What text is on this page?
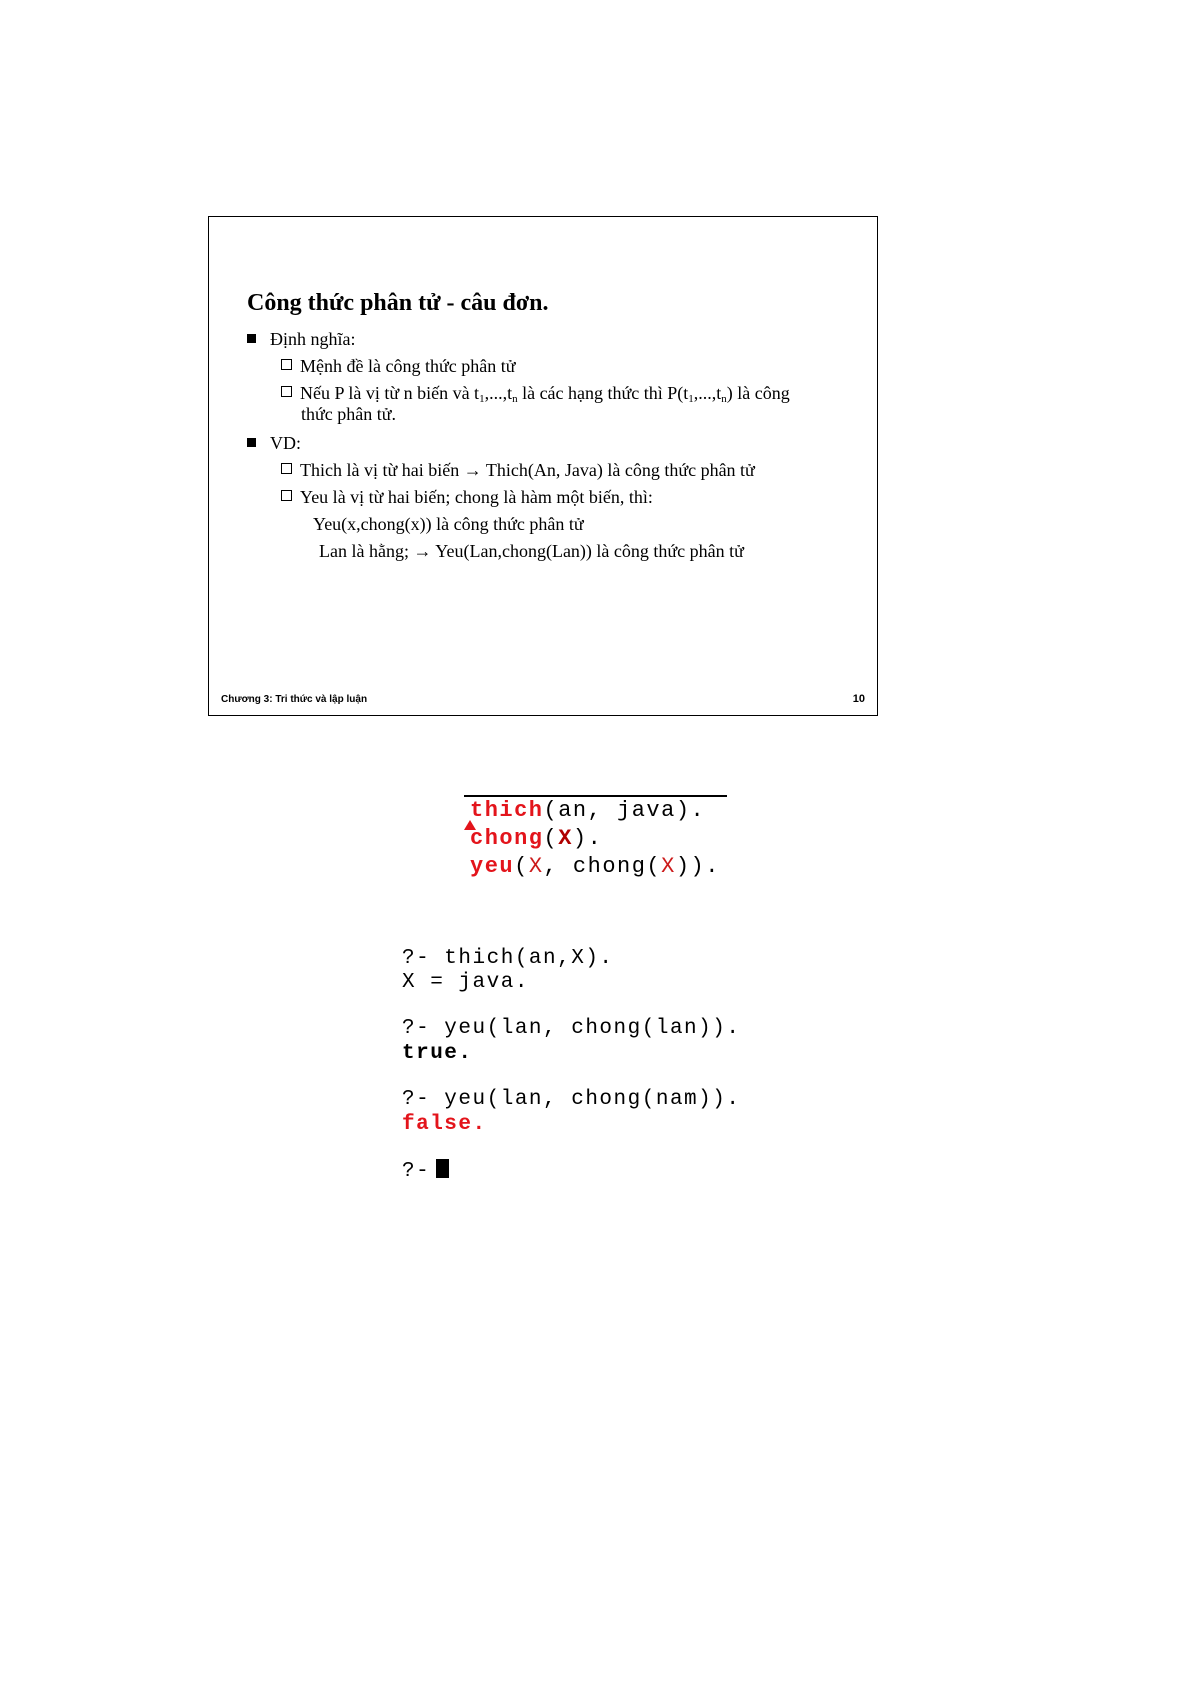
Công thức phân tử - câu đơn.
Định nghĩa:
Mệnh đề là công thức phân tử
Nếu P là vị từ n biến và $t_1,...,t_n$ là các hạng thức thì $P(t_1,...,t_n)$ là công
thức phân tử.
VD:
Thich là vị từ hai biến → Thich(An, Java) là công thức phân tử
Yeu là vị từ hai biến; chong là hàm một biến, thì:
Yeu(x,chong(x)) là công thức phân tử
Lan là hằng; → Yeu(Lan,chong(Lan)) là công thức phân tử
Chương 3: Tri thức và lập luận	10
thich(an, java).
chong(X).
yeu(X, chong(X)).
?- thich(an,X).
X = java.
?- yeu(lan, chong(lan)).
true.
?- yeu(lan, chong(nam)).
false.
?-
